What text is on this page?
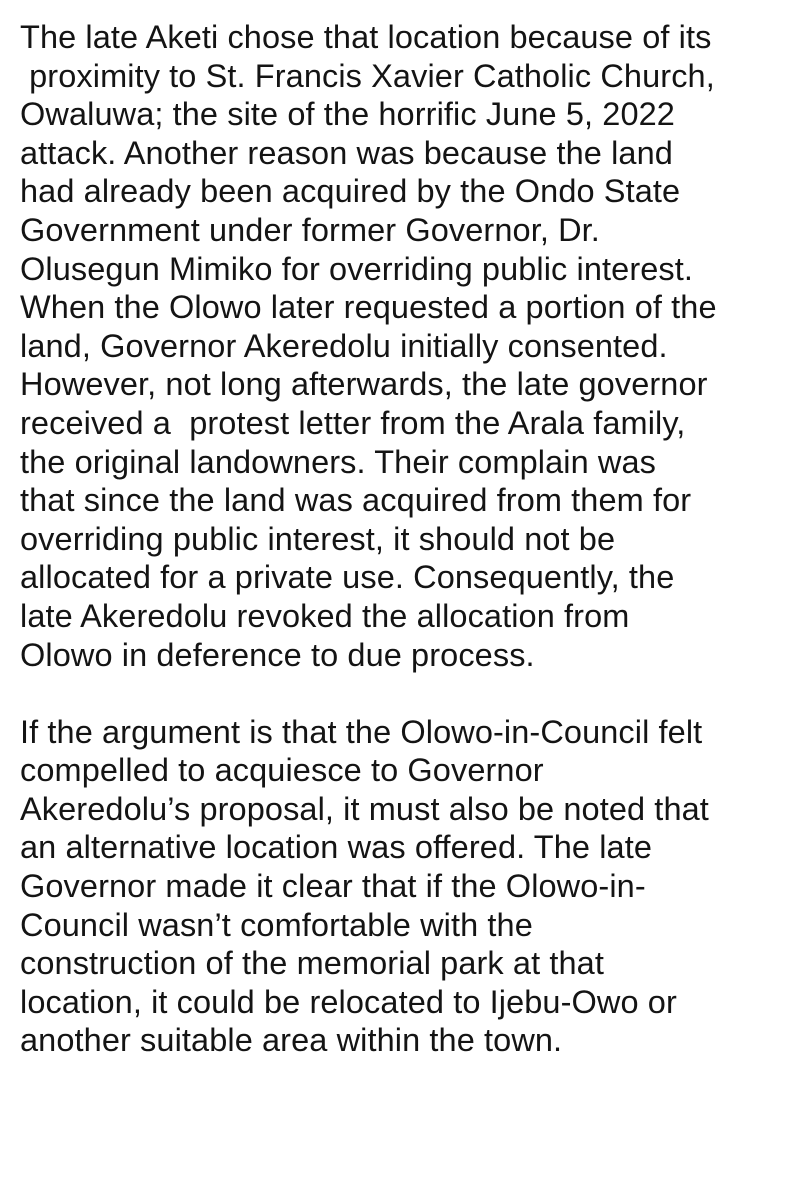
The late Aketi chose that location because of its
proximity to St. Francis Xavier Catholic Church,
Owaluwa; the site of the horrific June 5, 2022
attack. Another reason was because the land
had already been acquired by the Ondo State
Government under former Governor, Dr.
Olusegun Mimiko for overriding public interest.
When the Olowo later requested a portion of the
land, Governor Akeredolu initially consented.
However, not long afterwards, the late governor
received a  protest letter from the Arala family,
the original landowners. Their complain was
that since the land was acquired from them for
overriding public interest, it should not be
allocated for a private use. Consequently, the
late Akeredolu revoked the allocation from
Olowo in deference to due process.

If the argument is that the Olowo-in-Council felt
compelled to acquiesce to Governor
Akeredolu’s proposal, it must also be noted that
an alternative location was offered. The late
Governor made it clear that if the Olowo-in-
Council wasn’t comfortable with the
construction of the memorial park at that
location, it could be relocated to Ijebu-Owo or
another suitable area within the town.
